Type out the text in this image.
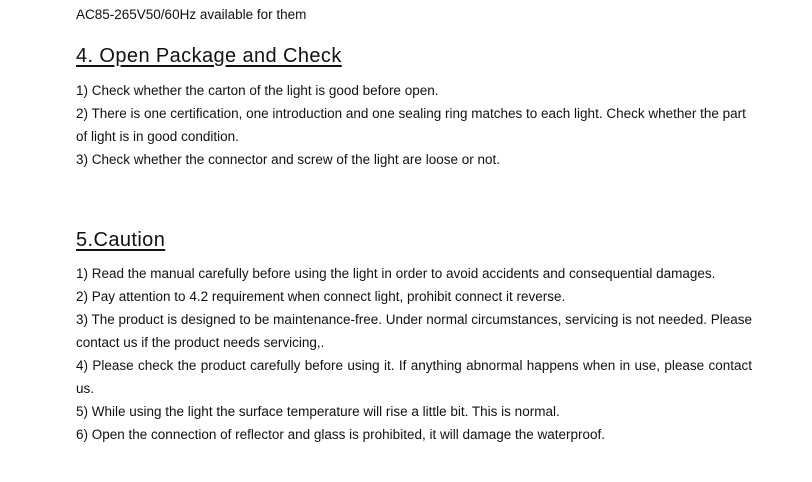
AC85-265V50/60Hz available for them
4. Open Package and Check
1) Check whether the carton of the light is good before open.
2) There is one certification, one introduction and one sealing ring matches to each light. Check whether the part of light is in good condition.
3) Check whether the connector and screw of the light are loose or not.
5.Caution
1) Read the manual carefully before using the light in order to avoid accidents and consequential damages.
2) Pay attention to 4.2 requirement when connect light, prohibit connect it reverse.
3) The product is designed to be maintenance-free. Under normal circumstances, servicing is not needed. Please contact us if the product needs servicing,.
4) Please check the product carefully before using it. If anything abnormal happens when in use, please contact us.
5) While using the light the surface temperature will rise a little bit. This is normal.
6) Open the connection of reflector and glass is prohibited, it will damage the waterproof.
